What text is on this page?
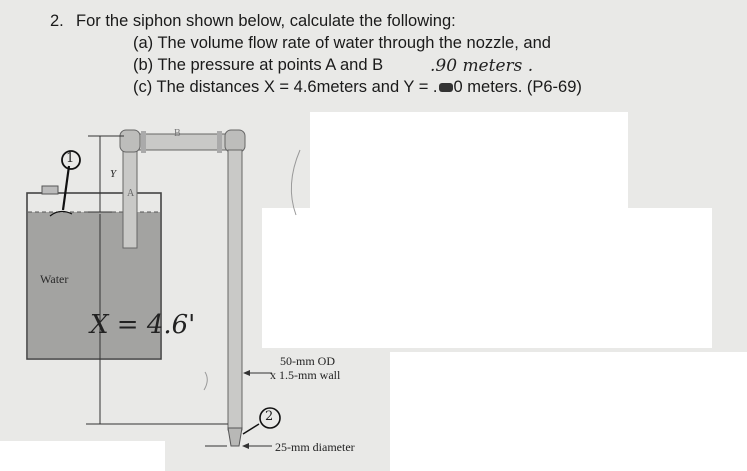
2. For the siphon shown below, calculate the following:
(a) The volume flow rate of water through the nozzle, and
(b) The pressure at points A and B
(c) The distances X = 4.6meters and Y = . 0 meters. (P6-69)
.90 meters .
Y
A
B
Water
50-mm OD
x 1.5-mm wall
25-mm diameter
1
X = 4.6'
2
